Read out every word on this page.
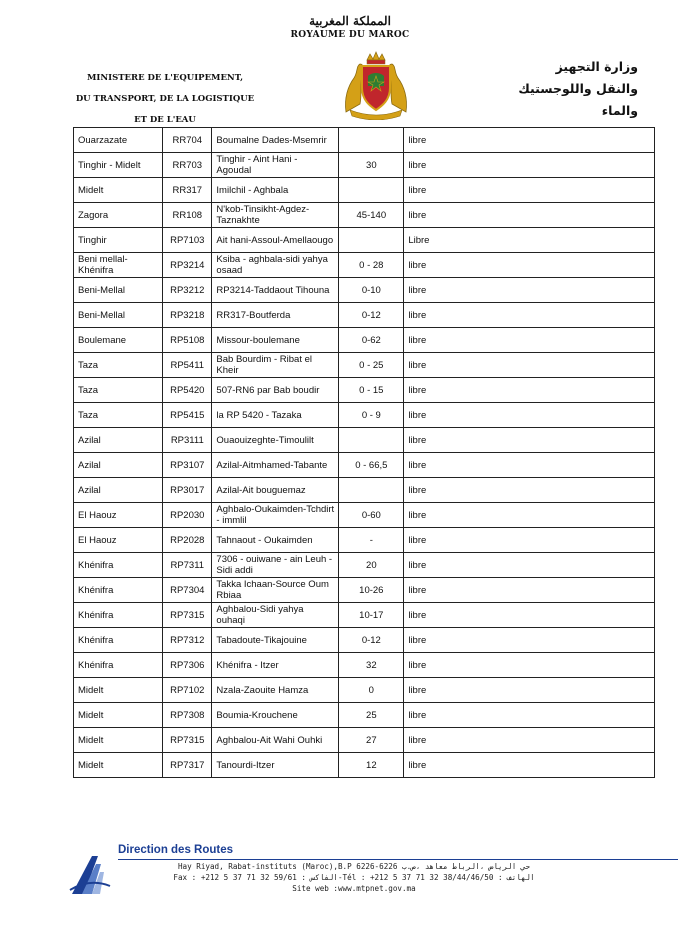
المملكة المغربية
ROYAUME DU MAROC
MINISTERE DE L'EQUIPEMENT,
DU TRANSPORT, DE LA LOGISTIQUE
ET DE L'EAU
وزارة التجهيز
والنقل واللوجستيك
والماء
Ouarzazate	RR704	Boumalne Dades-Msemrir		libre
Tinghir - Midelt	RR703	Tinghir - Aint Hani - Agoudal	30	libre
Midelt	RR317	Imilchil - Aghbala		libre
Zagora	RR108	N'kob-Tinsikht-Agdez-Taznakhte	45-140	libre
Tinghir	RP7103	Ait hani-Assoul-Amellaougo		Libre
Beni mellal-Khénifra	RP3214	Ksiba - aghbala-sidi yahya osaad	0 - 28	libre
Beni-Mellal	RP3212	RP3214-Taddaout Tihouna	0-10	libre
Beni-Mellal	RP3218	RR317-Boutferda	0-12	libre
Boulemane	RP5108	Missour-boulemane	0-62	libre
Taza	RP5411	Bab Bourdim - Ribat el Kheir	0 - 25	libre
Taza	RP5420	507-RN6 par Bab boudir	0 - 15	libre
Taza	RP5415	la RP 5420 - Tazaka	0 - 9	libre
Azilal	RP3111	Ouaouizeghte-Timoulilt		libre
Azilal	RP3107	Azilal-Aitmhamed-Tabante	0 - 66,5	libre
Azilal	RP3017	Azilal-Ait bouguemaz		libre
El Haouz	RP2030	Aghbalo-Oukaimden-Tchdirt - immlil	0-60	libre
El Haouz	RP2028	Tahnaout - Oukaimden	-	libre
Khénifra	RP7311	7306 - ouiwane - ain Leuh - Sidi addi	20	libre
Khénifra	RP7304	Takka Ichaan-Source Oum Rbiaa	10-26	libre
Khénifra	RP7315	Aghbalou-Sidi yahya ouhaqi	10-17	libre
Khénifra	RP7312	Tabadoute-Tikajouine	0-12	libre
Khénifra	RP7306	Khénifra - Itzer	32	libre
Midelt	RP7102	Nzala-Zaouite Hamza	0	libre
Midelt	RP7308	Boumia-Krouchene	25	libre
Midelt	RP7315	Aghbalou-Ait Wahi Ouhki	27	libre
Midelt	RP7317	Tanourdi-Itzer	12	libre
Direction des Routes
Hay Riyad, Rabat-instituts (Maroc),B.P 6226-6226 حي الرياض ،الرباط معاهد ،ص.ب
Fax : +212 5 37 71 32 59/61 : الفاكس-Tél : +212 5 37 71 32 38/44/46/50 : الهاتف
Site web :www.mtpnet.gov.ma
